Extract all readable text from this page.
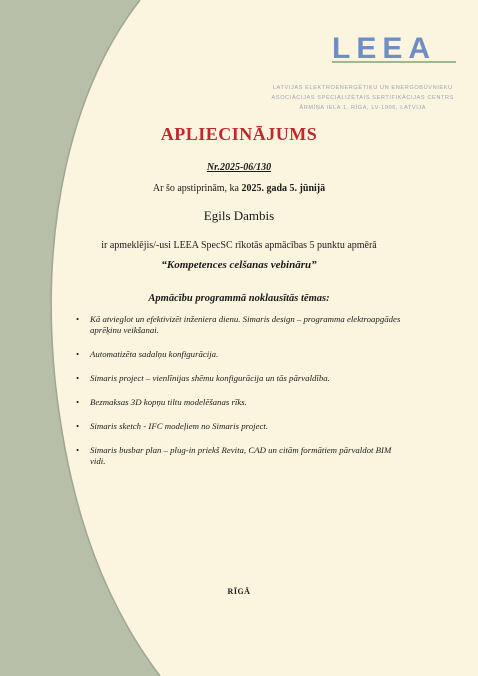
LEEA
LATVIJAS ELEKTROENERĢĒTIĶU UN ENERGOBŪVNIEKU
ASOCIĀCIJAS SPECIALIZĒTAIS SERTIFIKĀCIJAS CENTRS
ĀRMĪŅA IELA 1, RĪGA, LV-1006, LATVIJA
APLIECINĀJUMS
Nr.2025-06/130
Ar šo apstiprinām, ka 2025. gada 5. jūnijā
Egils Dambis
ir apmeklējis/-usi LEEA SpecSC rīkotās apmācības 5 punktu apmērā
“Kompetences celšanas vebināru”
Apmācību programmā noklausītās tēmas:
• Kā atvieglot un efektivizēt inženiera dienu. Simaris design – programma elektroapgādes aprēķinu veikšanai.
• Automatizēta sadalņu konfigurācija.
• Simaris project – vienlīnijas shēmu konfigurācija un tās pārvaldība.
• Bezmaksas 3D kopņu tiltu modelēšanas rīks.
• Simaris sketch - IFC modeļiem no Simaris project.
• Simaris busbar plan – plug-in priekš Revita, CAD un citām formātiem pārvaldot BIM vidi.
RĪGĀ
